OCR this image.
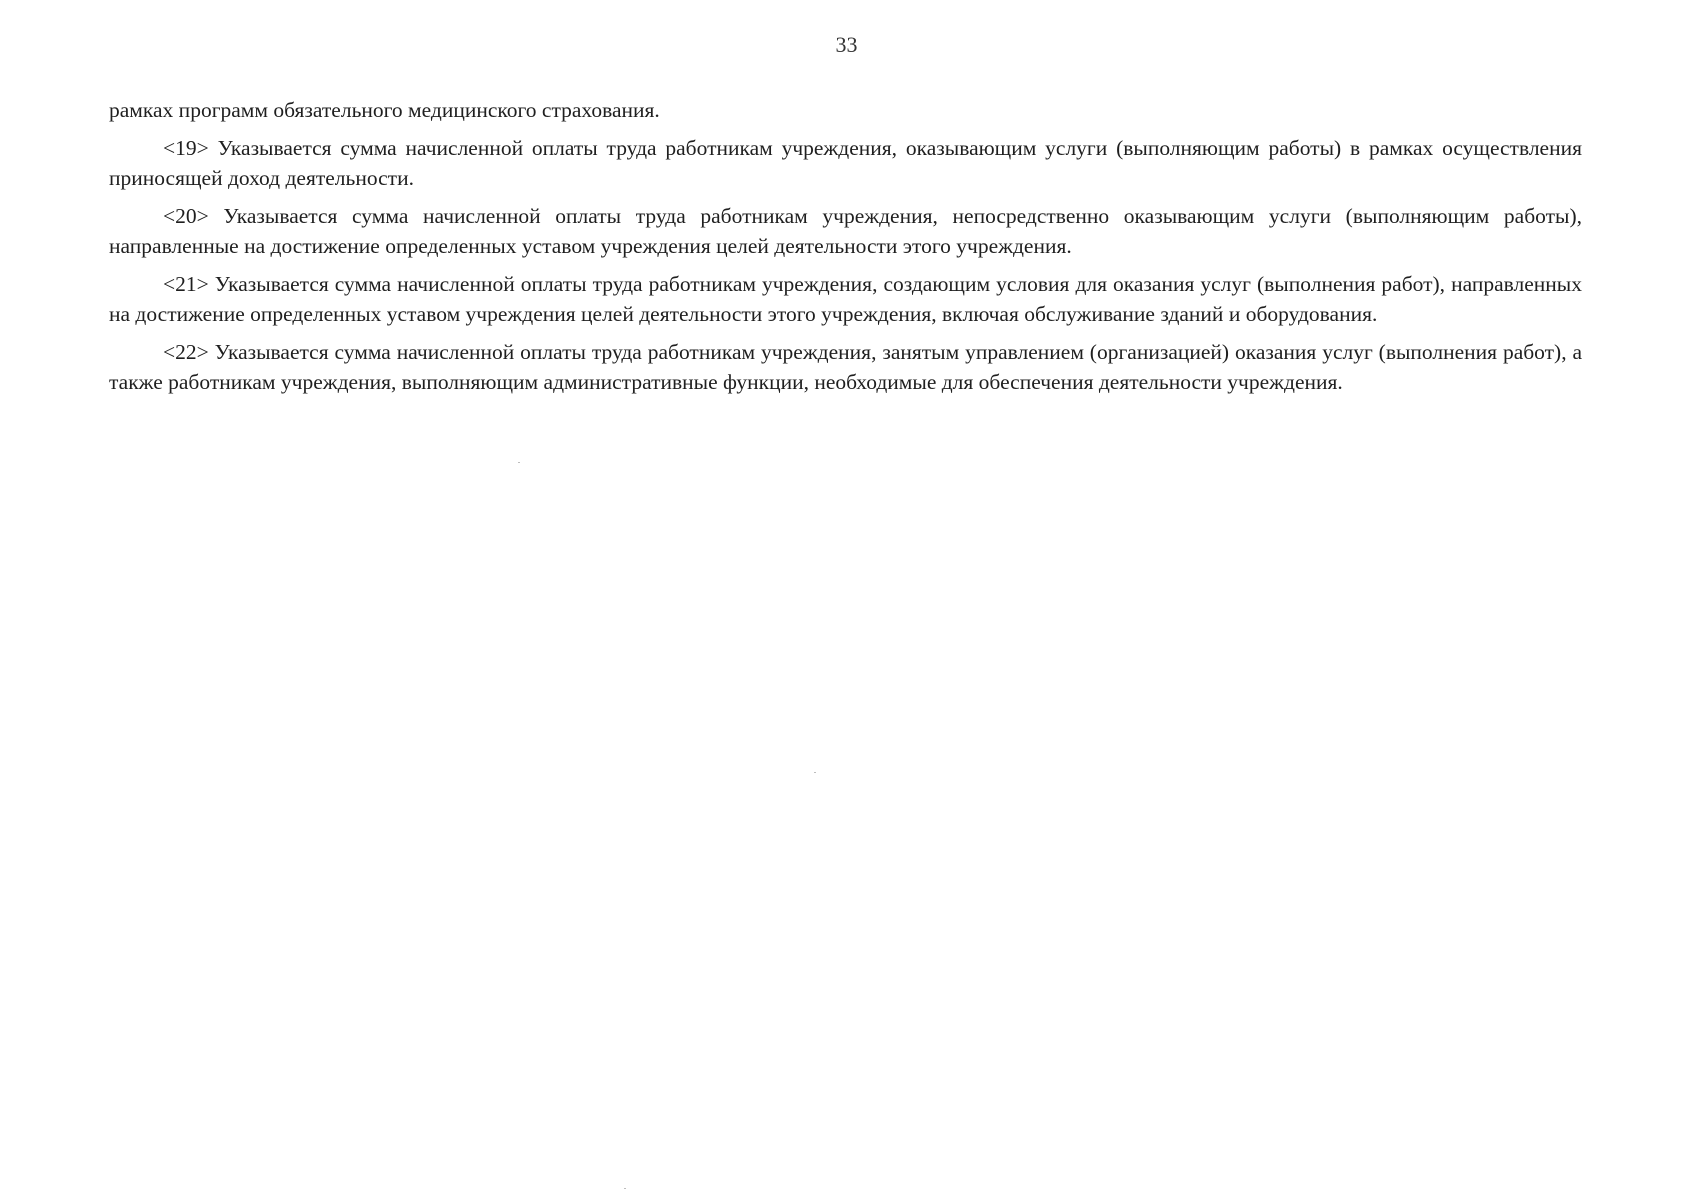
33

рамках программ обязательного медицинского страхования.

<19> Указывается сумма начисленной оплаты труда работникам учреждения, оказывающим услуги (выполняющим работы) в рамках осуществления приносящей доход деятельности.

<20> Указывается сумма начисленной оплаты труда работникам учреждения, непосредственно оказывающим услуги (выполняющим работы), направленные на достижение определенных уставом учреждения целей деятельности этого учреждения.

<21> Указывается сумма начисленной оплаты труда работникам учреждения, создающим условия для оказания услуг (выполнения работ), направленных на достижение определенных уставом учреждения целей деятельности этого учреждения, включая обслуживание зданий и оборудования.

<22> Указывается сумма начисленной оплаты труда работникам учреждения, занятым управлением (организацией) оказания услуг (выполнения работ), а также работникам учреждения, выполняющим административные функции, необходимые для обеспечения деятельности учреждения.
